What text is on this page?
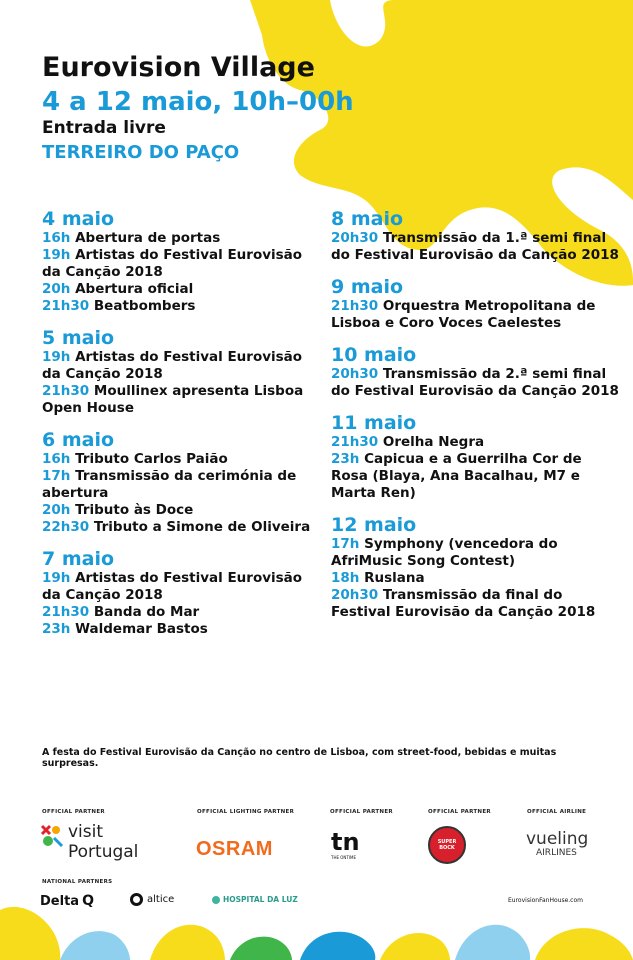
Eurovision Village
4 a 12 maio, 10h–00h
Entrada livre
TERREIRO DO PAÇO
4 maio
16h Abertura de portas
19h Artistas do Festival Eurovisão da Canção 2018
20h Abertura oficial
21h30 Beatbombers
5 maio
19h Artistas do Festival Eurovisão da Canção 2018
21h30 Moullinex apresenta Lisboa Open House
6 maio
16h Tributo Carlos Paião
17h Transmissão da cerimónia de abertura
20h Tributo às Doce
22h30 Tributo a Simone de Oliveira
7 maio
19h Artistas do Festival Eurovisão da Canção 2018
21h30 Banda do Mar
23h Waldemar Bastos
8 maio
20h30 Transmissão da 1.ª semi final do Festival Eurovisão da Canção 2018
9 maio
21h30 Orquestra Metropolitana de Lisboa e Coro Voces Caelestes
10 maio
20h30 Transmissão da 2.ª semi final do Festival Eurovisão da Canção 2018
11 maio
21h30 Orelha Negra
23h Capicua e a Guerrilha Cor de Rosa (Blaya, Ana Bacalhau, M7 e Marta Ren)
12 maio
17h Symphony (vencedora do AfriMusic Song Contest)
18h Ruslana
20h30 Transmissão da final do Festival Eurovisão da Canção 2018
A festa do Festival Eurovisão da Canção no centro de Lisboa, com street-food, bebidas e muitas surpresas.
OFFICIAL PARTNER	OFFICIAL LIGHTING PARTNER	OFFICIAL PARTNER	OFFICIAL PARTNER	OFFICIAL AIRLINE
NATIONAL PARTNERS
visit
Portugal	OSRAM tn
THE ONTIME
SUPER BOCK	vueling
AIRLINES
Delta Q	altice	HOSPITAL DA LUZ	EurovisionFanHouse.com
